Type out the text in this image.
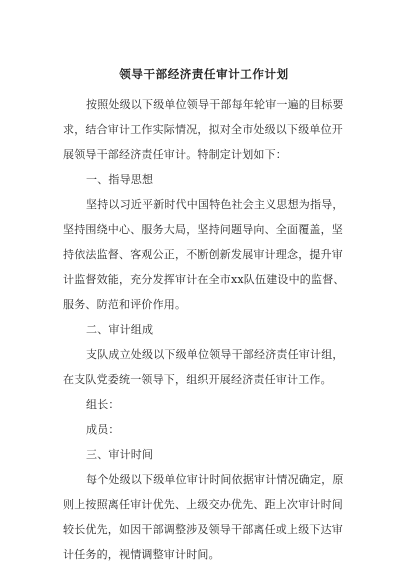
领导干部经济责任审计工作计划
按照处级以下级单位领导干部每年轮审一遍的目标要
求，结合审计工作实际情况，拟对全市处级以下级单位开
展领导干部经济责任审计。特制定计划如下：
一、指导思想
坚持以习近平新时代中国特色社会主义思想为指导，
坚持围绕中心、服务大局，坚持问题导向、全面覆盖，坚
持依法监督、客观公正，不断创新发展审计理念，提升审
计监督效能，充分发挥审计在全市xx队伍建设中的监督、
服务、防范和评价作用。
二、审计组成
支队成立处级以下级单位领导干部经济责任审计组，
在支队党委统一领导下，组织开展经济责任审计工作。
组长：
成员：
三、审计时间
每个处级以下级单位审计时间依据审计情况确定，原
则上按照离任审计优先、上级交办优先、距上次审计时间
较长优先，如因干部调整涉及领导干部离任或上级下达审
计任务的，视情调整审计时间。
